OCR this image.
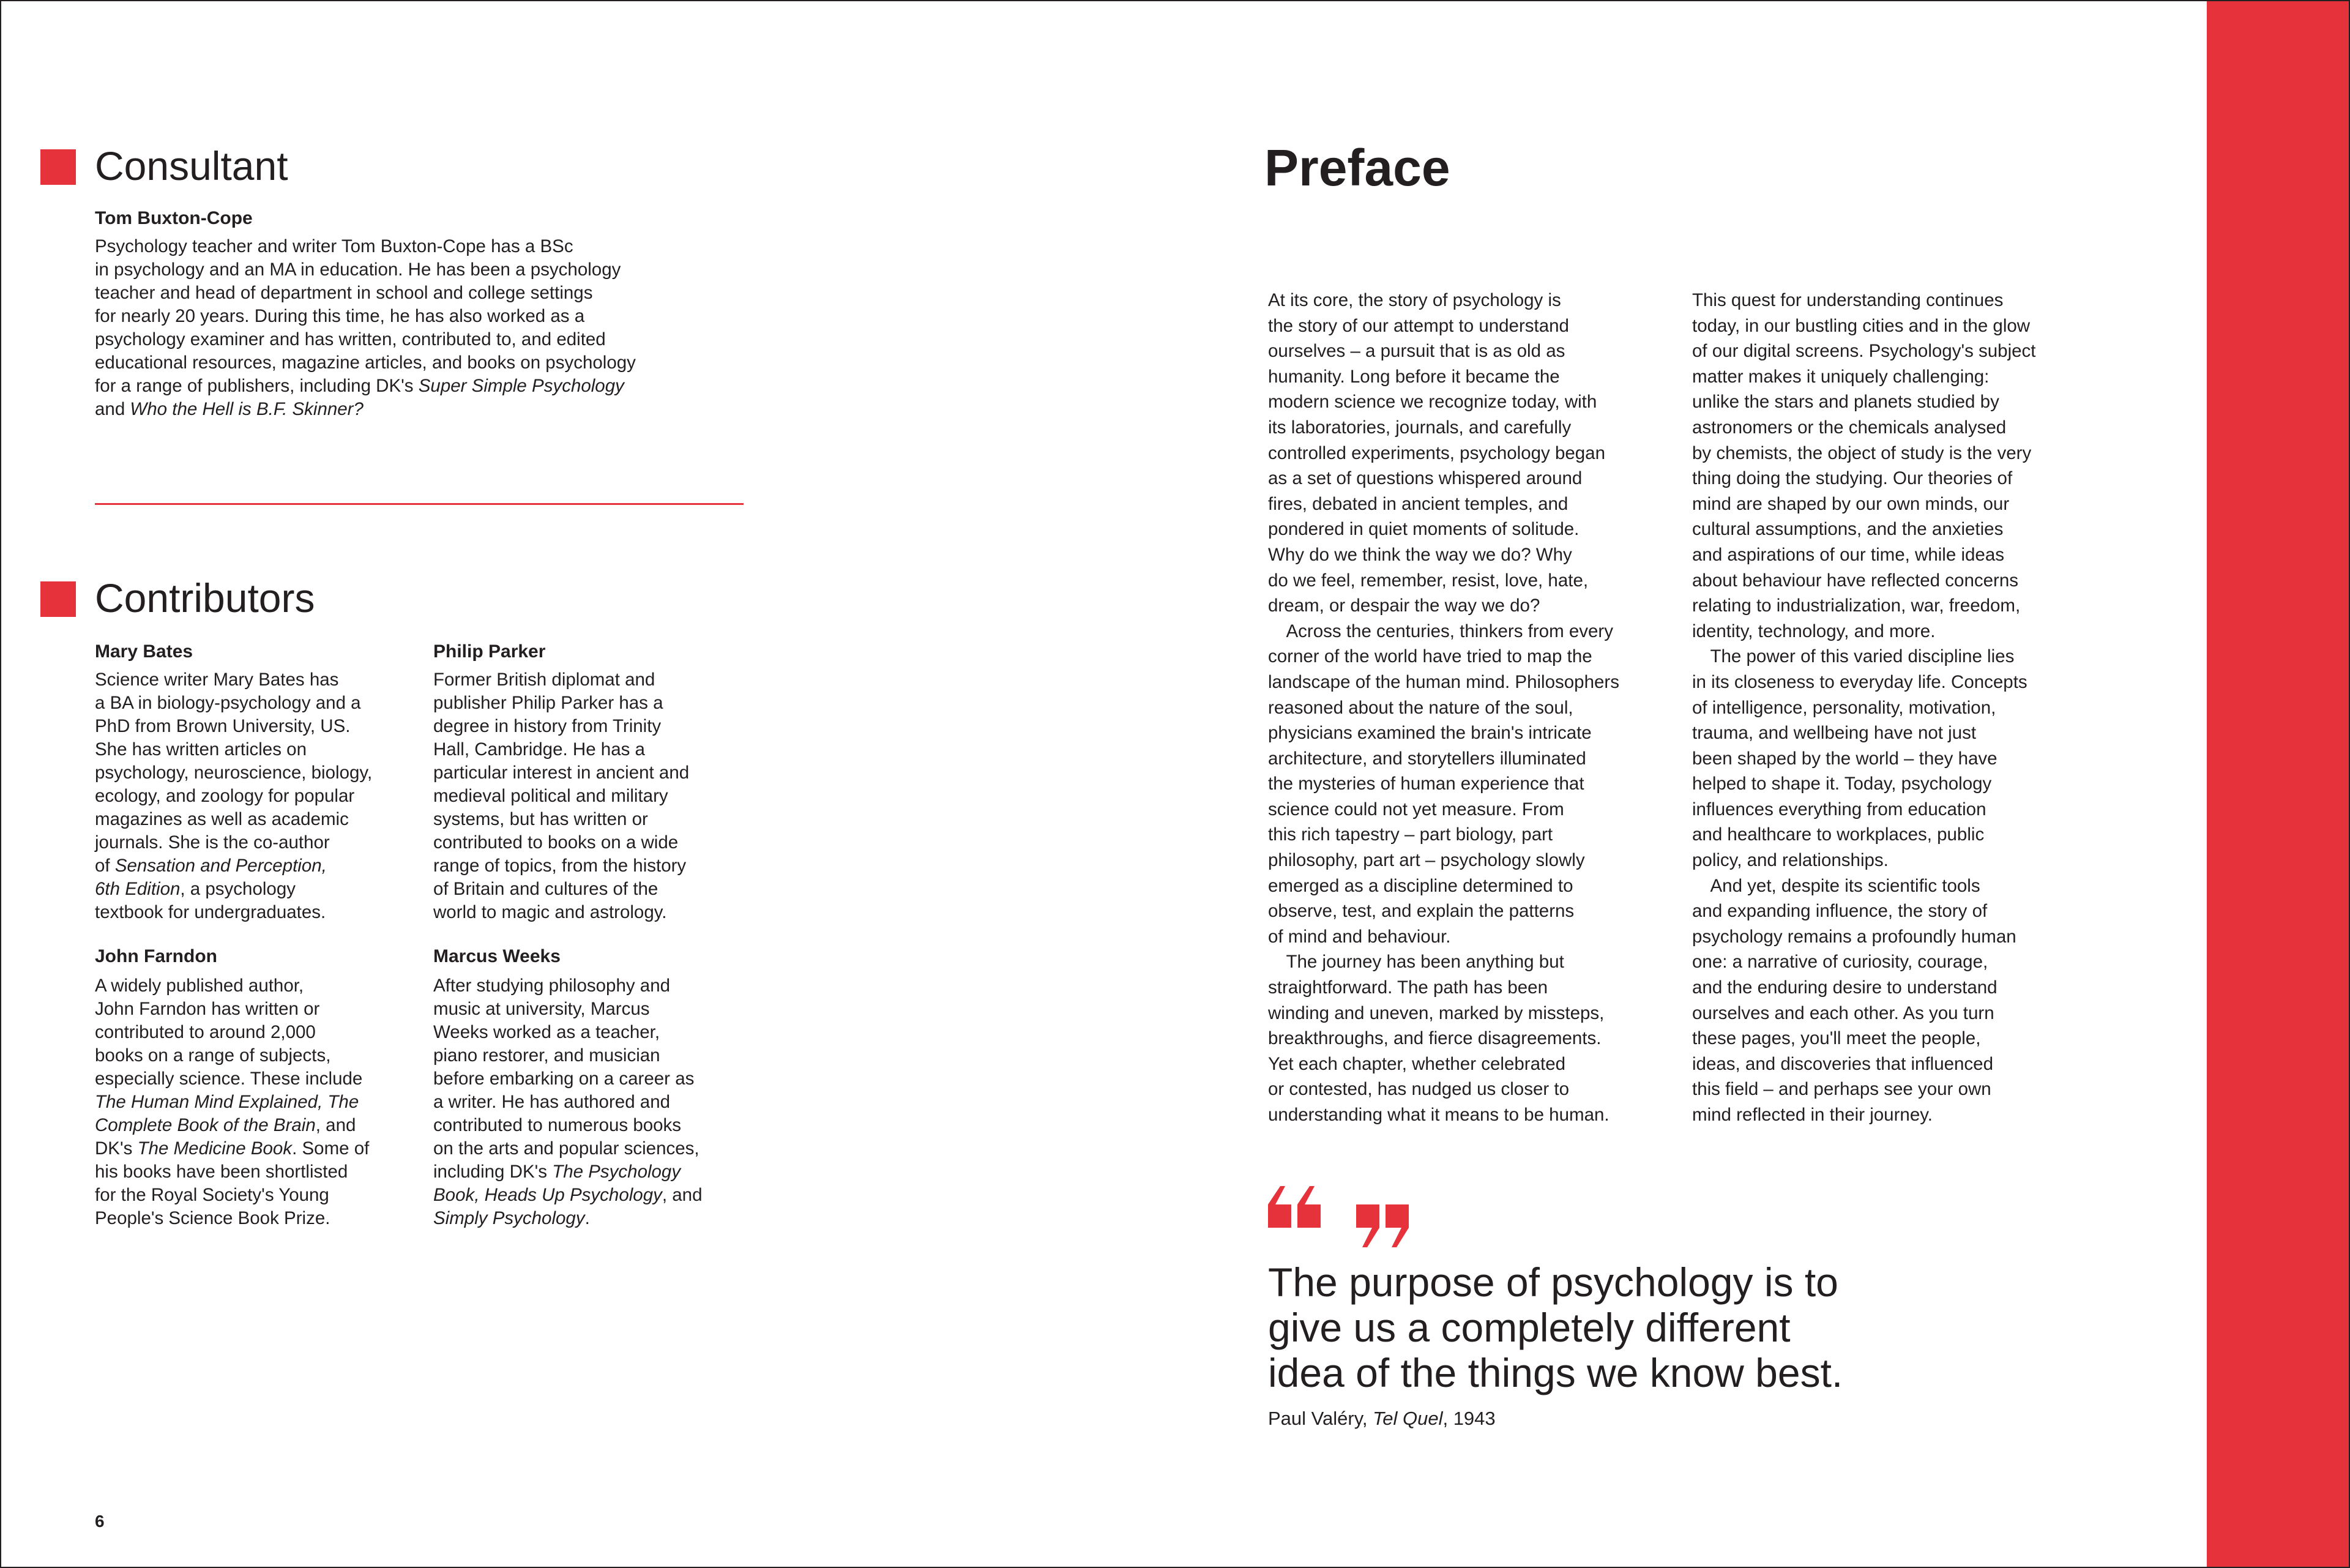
Consultant

Tom Buxton-Cope

Psychology teacher and writer Tom Buxton-Cope has a BSc
in psychology and an MA in education. He has been a psychology
teacher and head of department in school and college settings
for nearly 20 years. During this time, he has also worked as a
psychology examiner and has written, contributed to, and edited
educational resources, magazine articles, and books on psychology
for a range of publishers, including DK's Super Simple Psychology
and Who the Hell is B.F. Skinner?

Contributors

Mary Bates

Science writer Mary Bates has
a BA in biology-psychology and a
PhD from Brown University, US.
She has written articles on
psychology, neuroscience, biology,
ecology, and zoology for popular
magazines as well as academic
journals. She is the co-author
of Sensation and Perception,
6th Edition, a psychology
textbook for undergraduates.

Philip Parker

Former British diplomat and
publisher Philip Parker has a
degree in history from Trinity
Hall, Cambridge. He has a
particular interest in ancient and
medieval political and military
systems, but has written or
contributed to books on a wide
range of topics, from the history
of Britain and cultures of the
world to magic and astrology.

John Farndon

A widely published author,
John Farndon has written or
contributed to around 2,000
books on a range of subjects,
especially science. These include
The Human Mind Explained, The
Complete Book of the Brain, and
DK's The Medicine Book. Some of
his books have been shortlisted
for the Royal Society's Young
People's Science Book Prize.

Marcus Weeks

After studying philosophy and
music at university, Marcus
Weeks worked as a teacher,
piano restorer, and musician
before embarking on a career as
a writer. He has authored and
contributed to numerous books
on the arts and popular sciences,
including DK's The Psychology
Book, Heads Up Psychology, and
Simply Psychology.

6

Preface

At its core, the story of psychology is
the story of our attempt to understand
ourselves – a pursuit that is as old as
humanity. Long before it became the
modern science we recognize today, with
its laboratories, journals, and carefully
controlled experiments, psychology began
as a set of questions whispered around
fires, debated in ancient temples, and
pondered in quiet moments of solitude.
Why do we think the way we do? Why
do we feel, remember, resist, love, hate,
dream, or despair the way we do?
 Across the centuries, thinkers from every
corner of the world have tried to map the
landscape of the human mind. Philosophers
reasoned about the nature of the soul,
physicians examined the brain's intricate
architecture, and storytellers illuminated
the mysteries of human experience that
science could not yet measure. From
this rich tapestry – part biology, part
philosophy, part art – psychology slowly
emerged as a discipline determined to
observe, test, and explain the patterns
of mind and behaviour.
 The journey has been anything but
straightforward. The path has been
winding and uneven, marked by missteps,
breakthroughs, and fierce disagreements.
Yet each chapter, whether celebrated
or contested, has nudged us closer to
understanding what it means to be human.

This quest for understanding continues
today, in our bustling cities and in the glow
of our digital screens. Psychology's subject
matter makes it uniquely challenging:
unlike the stars and planets studied by
astronomers or the chemicals analysed
by chemists, the object of study is the very
thing doing the studying. Our theories of
mind are shaped by our own minds, our
cultural assumptions, and the anxieties
and aspirations of our time, while ideas
about behaviour have reflected concerns
relating to industrialization, war, freedom,
identity, technology, and more.
 The power of this varied discipline lies
in its closeness to everyday life. Concepts
of intelligence, personality, motivation,
trauma, and wellbeing have not just
been shaped by the world – they have
helped to shape it. Today, psychology
influences everything from education
and healthcare to workplaces, public
policy, and relationships.
 And yet, despite its scientific tools
and expanding influence, the story of
psychology remains a profoundly human
one: a narrative of curiosity, courage,
and the enduring desire to understand
ourselves and each other. As you turn
these pages, you'll meet the people,
ideas, and discoveries that influenced
this field – and perhaps see your own
mind reflected in their journey.

The purpose of psychology is to
give us a completely different
idea of the things we know best.

Paul Valéry, Tel Quel, 1943
